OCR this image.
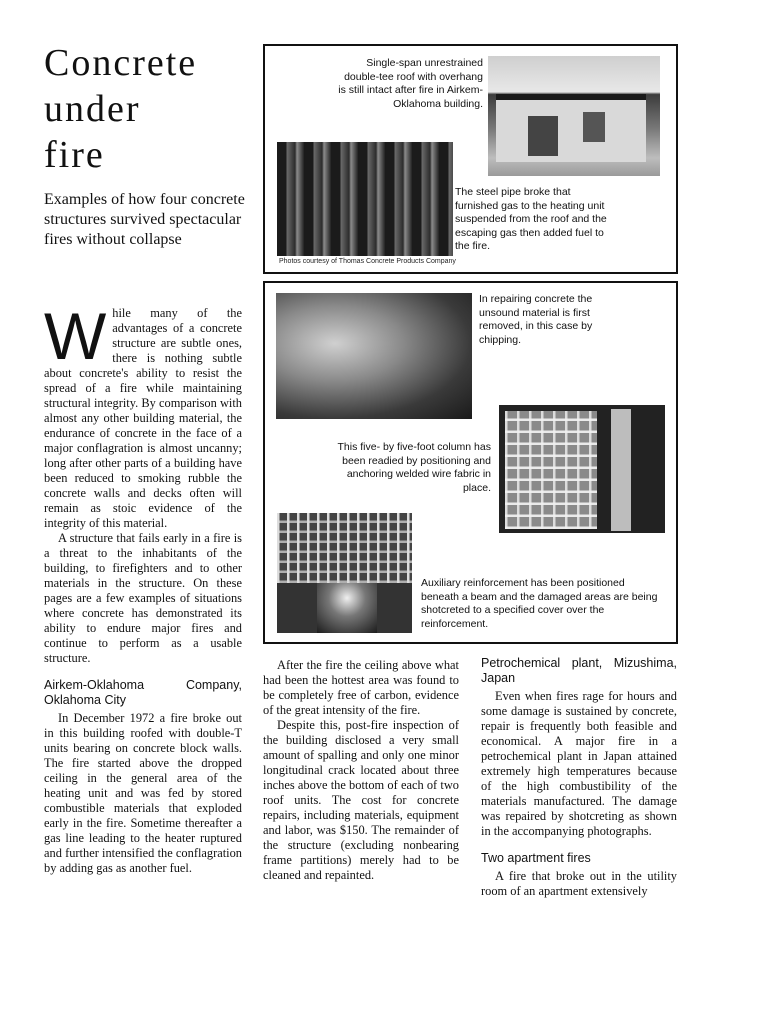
Concrete
under
fire

Examples of how four concrete structures survived spectacular fires without collapse

While many of the advantages of a concrete structure are subtle ones, there is nothing subtle about concrete's ability to resist the spread of a fire while maintaining structural integrity. By comparison with almost any other building material, the endurance of concrete in the face of a major conflagration is almost uncanny; long after other parts of a building have been reduced to smoking rubble the concrete walls and decks often will remain as stoic evidence of the integrity of this material.

A structure that fails early in a fire is a threat to the inhabitants of the building, to firefighters and to other materials in the structure. On these pages are a few examples of situations where concrete has demonstrated its ability to endure major fires and continue to perform as a usable structure.

Airkem-Oklahoma Company, Oklahoma City

In December 1972 a fire broke out in this building roofed with double-T units bearing on concrete block walls. The fire started above the dropped ceiling in the general area of the heating unit and was fed by stored combustible materials that exploded early in the fire. Sometime thereafter a gas line leading to the heater ruptured and further intensified the conflagration by adding gas as another fuel.

After the fire the ceiling above what had been the hottest area was found to be completely free of carbon, evidence of the great intensity of the fire.

Despite this, post-fire inspection of the building disclosed a very small amount of spalling and only one minor longitudinal crack located about three inches above the bottom of each of two roof units. The cost for concrete repairs, including materials, equipment and labor, was $150. The remainder of the structure (excluding nonbearing frame partitions) merely had to be cleaned and repainted.

Petrochemical plant, Mizushima, Japan

Even when fires rage for hours and some damage is sustained by concrete, repair is frequently both feasible and economical. A major fire in a petrochemical plant in Japan attained extremely high temperatures because of the high combustibility of the materials manufactured. The damage was repaired by shotcreting as shown in the accompanying photographs.

Two apartment fires

A fire that broke out in the utility room of an apartment extensively

Single-span unrestrained double-tee roof with overhang is still intact after fire in Airkem-Oklahoma building.
The steel pipe broke that furnished gas to the heating unit suspended from the roof and the escaping gas then added fuel to the fire.
Photos courtesy of Thomas Concrete Products Company
In repairing concrete the unsound material is first removed, in this case by chipping.
This five- by five-foot column has been readied by positioning and anchoring welded wire fabric in place.
Auxiliary reinforcement has been positioned beneath a beam and the damaged areas are being shotcreted to a specified cover over the reinforcement.
